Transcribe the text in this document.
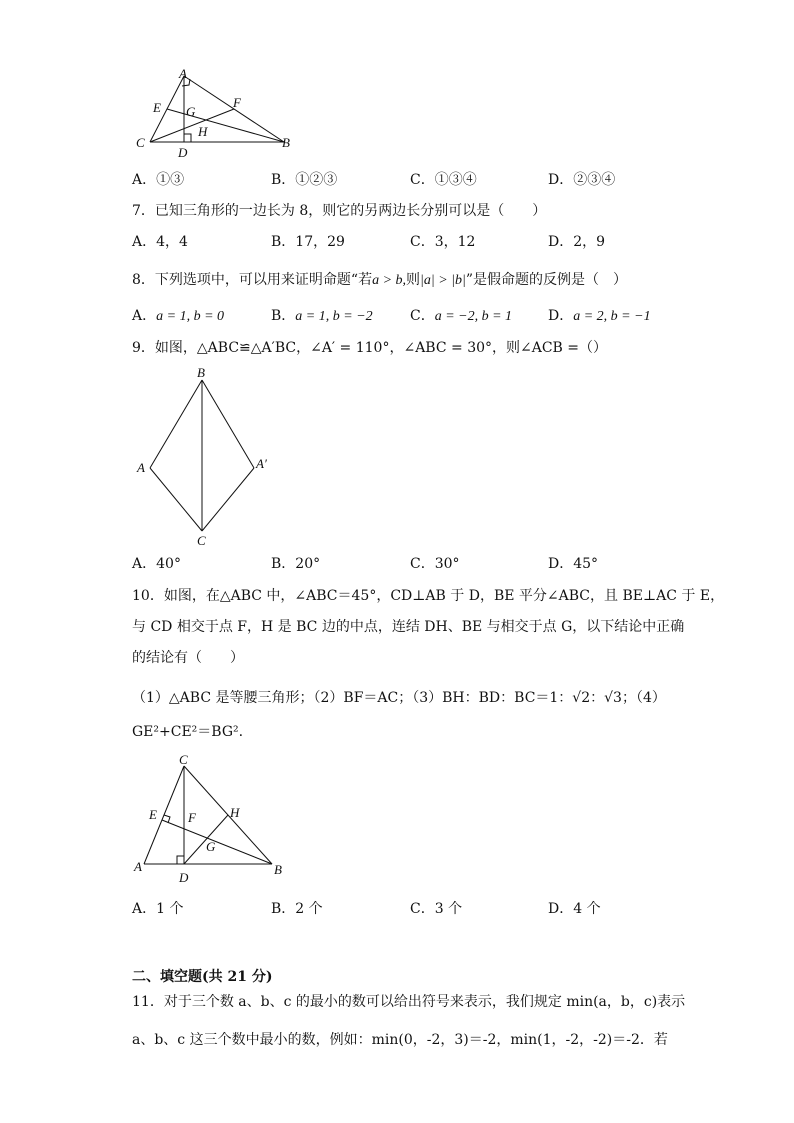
A
C	B
D
E	F
G
H
A．①③	B．①②③	C．①③④	D．②③④
7．已知三角形的一边长为 8，则它的另两边长分别可以是（　　）
A．4，4	B．17，29	C．3，12	D．2，9
8．下列选项中，可以用来证明命题“若a > b,则|a| > |b|”是假命题的反例是（　）
A．a = 1, b = 0	B．a = 1, b = −2	C．a = −2, b = 1	D．a = 2, b = −1
9．如图，△ABC≌△A′BC，∠A′ = 110°，∠ABC = 30°，则∠ACB =（）
B
A	A′
C
A．40°	B．20°	C．30°	D．45°
10．如图，在△ABC 中，∠ABC＝45°，CD⊥AB 于 D，BE 平分∠ABC，且 BE⊥AC 于 E，
与 CD 相交于点 F，H 是 BC 边的中点，连结 DH、BE 与相交于点 G，以下结论中正确
的结论有（　　）
（1）△ABC 是等腰三角形；（2）BF＝AC；（3）BH：BD：BC＝1：√2：√3；（4）
GE²+CE²＝BG².
C
A	B
D
E F
G
H
A．1 个	B．2 个	C．3 个	D．4 个
二、填空题(共 21 分)
11．对于三个数 a、b、c 的最小的数可以给出符号来表示，我们规定 min(a，b，c)表示
a、b、c 这三个数中最小的数，例如：min(0，-2，3)＝-2，min(1，-2，-2)＝-2．若
